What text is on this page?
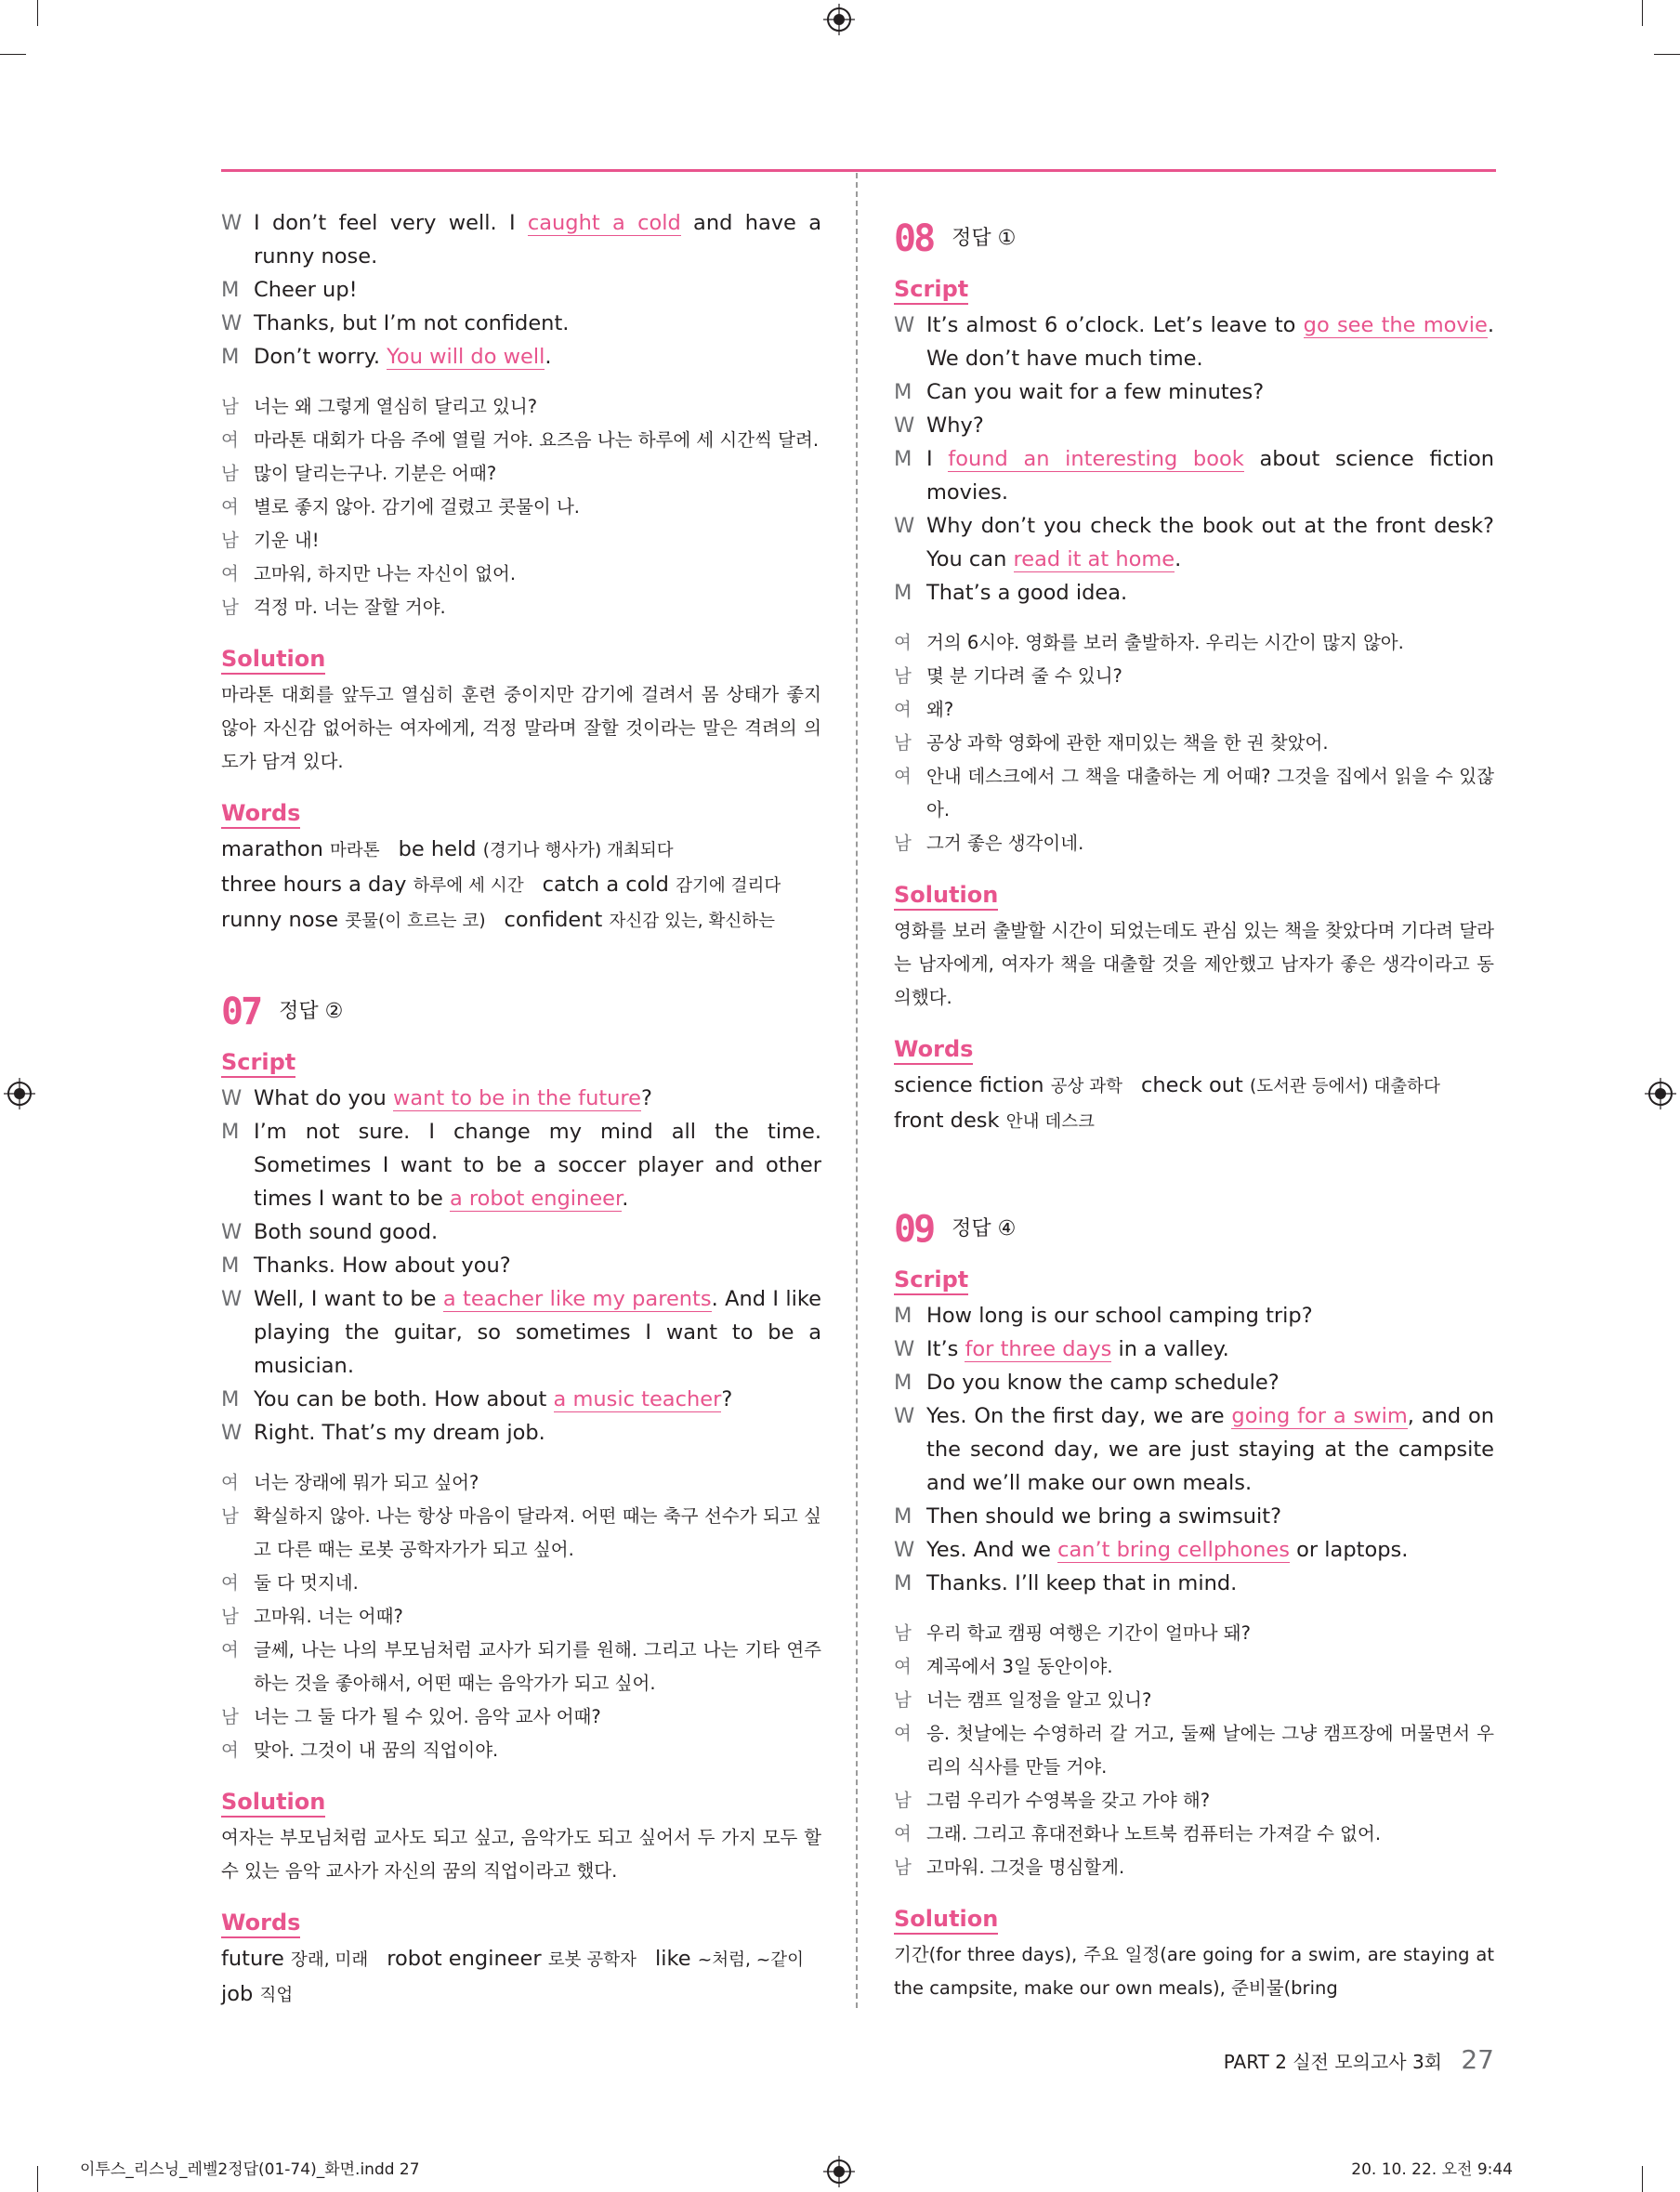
W I don’t feel very well. I caught a cold and have a runny nose.
M Cheer up!
W Thanks, but I’m not confident.
M Don’t worry. You will do well.
남 너는 왜 그렇게 열심히 달리고 있니?
여 마라톤 대회가 다음 주에 열릴 거야. 요즈음 나는 하루에 세 시간씩 달려.
남 많이 달리는구나. 기분은 어때?
여 별로 좋지 않아. 감기에 걸렸고 콧물이 나.
남 기운 내!
여 고마워, 하지만 나는 자신이 없어.
남 걱정 마. 너는 잘할 거야.
Solution
마라톤 대회를 앞두고 열심히 훈련 중이지만 감기에 걸려서 몸 상태가 좋지 않아 자신감 없어하는 여자에게, 걱정 말라며 잘할 것이라는 말은 격려의 의도가 담겨 있다.
Words
marathon 마라톤 be held (경기나 행사가) 개최되다
three hours a day 하루에 세 시간 catch a cold 감기에 걸리다
runny nose 콧물(이 흐르는 코) confident 자신감 있는, 확신하는
07 정답 ②
Script
W What do you want to be in the future?
M I’m not sure. I change my mind all the time. Sometimes I want to be a soccer player and other times I want to be a robot engineer.
W Both sound good.
M Thanks. How about you?
W Well, I want to be a teacher like my parents. And I like playing the guitar, so sometimes I want to be a musician.
M You can be both. How about a music teacher?
W Right. That’s my dream job.
여 너는 장래에 뭐가 되고 싶어?
남 확실하지 않아. 나는 항상 마음이 달라져. 어떤 때는 축구 선수가 되고 싶고 다른 때는 로봇 공학자가가 되고 싶어.
여 둘 다 멋지네.
남 고마워. 너는 어때?
여 글쎄, 나는 나의 부모님처럼 교사가 되기를 원해. 그리고 나는 기타 연주하는 것을 좋아해서, 어떤 때는 음악가가 되고 싶어.
남 너는 그 둘 다가 될 수 있어. 음악 교사 어때?
여 맞아. 그것이 내 꿈의 직업이야.
Solution
여자는 부모님처럼 교사도 되고 싶고, 음악가도 되고 싶어서 두 가지 모두 할 수 있는 음악 교사가 자신의 꿈의 직업이라고 했다.
Words
future 장래, 미래 robot engineer 로봇 공학자 like ~처럼, ~같이
job 직업
08 정답 ①
Script
W It’s almost 6 o’clock. Let’s leave to go see the movie. We don’t have much time.
M Can you wait for a few minutes?
W Why?
M I found an interesting book about science fiction movies.
W Why don’t you check the book out at the front desk? You can read it at home.
M That’s a good idea.
여 거의 6시야. 영화를 보러 출발하자. 우리는 시간이 많지 않아.
남 몇 분 기다려 줄 수 있니?
여 왜?
남 공상 과학 영화에 관한 재미있는 책을 한 권 찾았어.
여 안내 데스크에서 그 책을 대출하는 게 어때? 그것을 집에서 읽을 수 있잖아.
남 그거 좋은 생각이네.
Solution
영화를 보러 출발할 시간이 되었는데도 관심 있는 책을 찾았다며 기다려 달라는 남자에게, 여자가 책을 대출할 것을 제안했고 남자가 좋은 생각이라고 동의했다.
Words
science fiction 공상 과학 check out (도서관 등에서) 대출하다
front desk 안내 데스크
09 정답 ④
Script
M How long is our school camping trip?
W It’s for three days in a valley.
M Do you know the camp schedule?
W Yes. On the first day, we are going for a swim, and on the second day, we are just staying at the campsite and we’ll make our own meals.
M Then should we bring a swimsuit?
W Yes. And we can’t bring cellphones or laptops.
M Thanks. I’ll keep that in mind.
남 우리 학교 캠핑 여행은 기간이 얼마나 돼?
여 계곡에서 3일 동안이야.
남 너는 캠프 일정을 알고 있니?
여 응. 첫날에는 수영하러 갈 거고, 둘째 날에는 그냥 캠프장에 머물면서 우리의 식사를 만들 거야.
남 그럼 우리가 수영복을 갖고 가야 해?
여 그래. 그리고 휴대전화나 노트북 컴퓨터는 가져갈 수 없어.
남 고마워. 그것을 명심할게.
Solution
기간(for three days), 주요 일정(are going for a swim, are staying at the campsite, make our own meals), 준비물(bring
PART 2 실전 모의고사 3회 27
이투스_리스닝_레벨2정답(01-74)_화면.indd 27	20. 10. 22. 오전 9:44
